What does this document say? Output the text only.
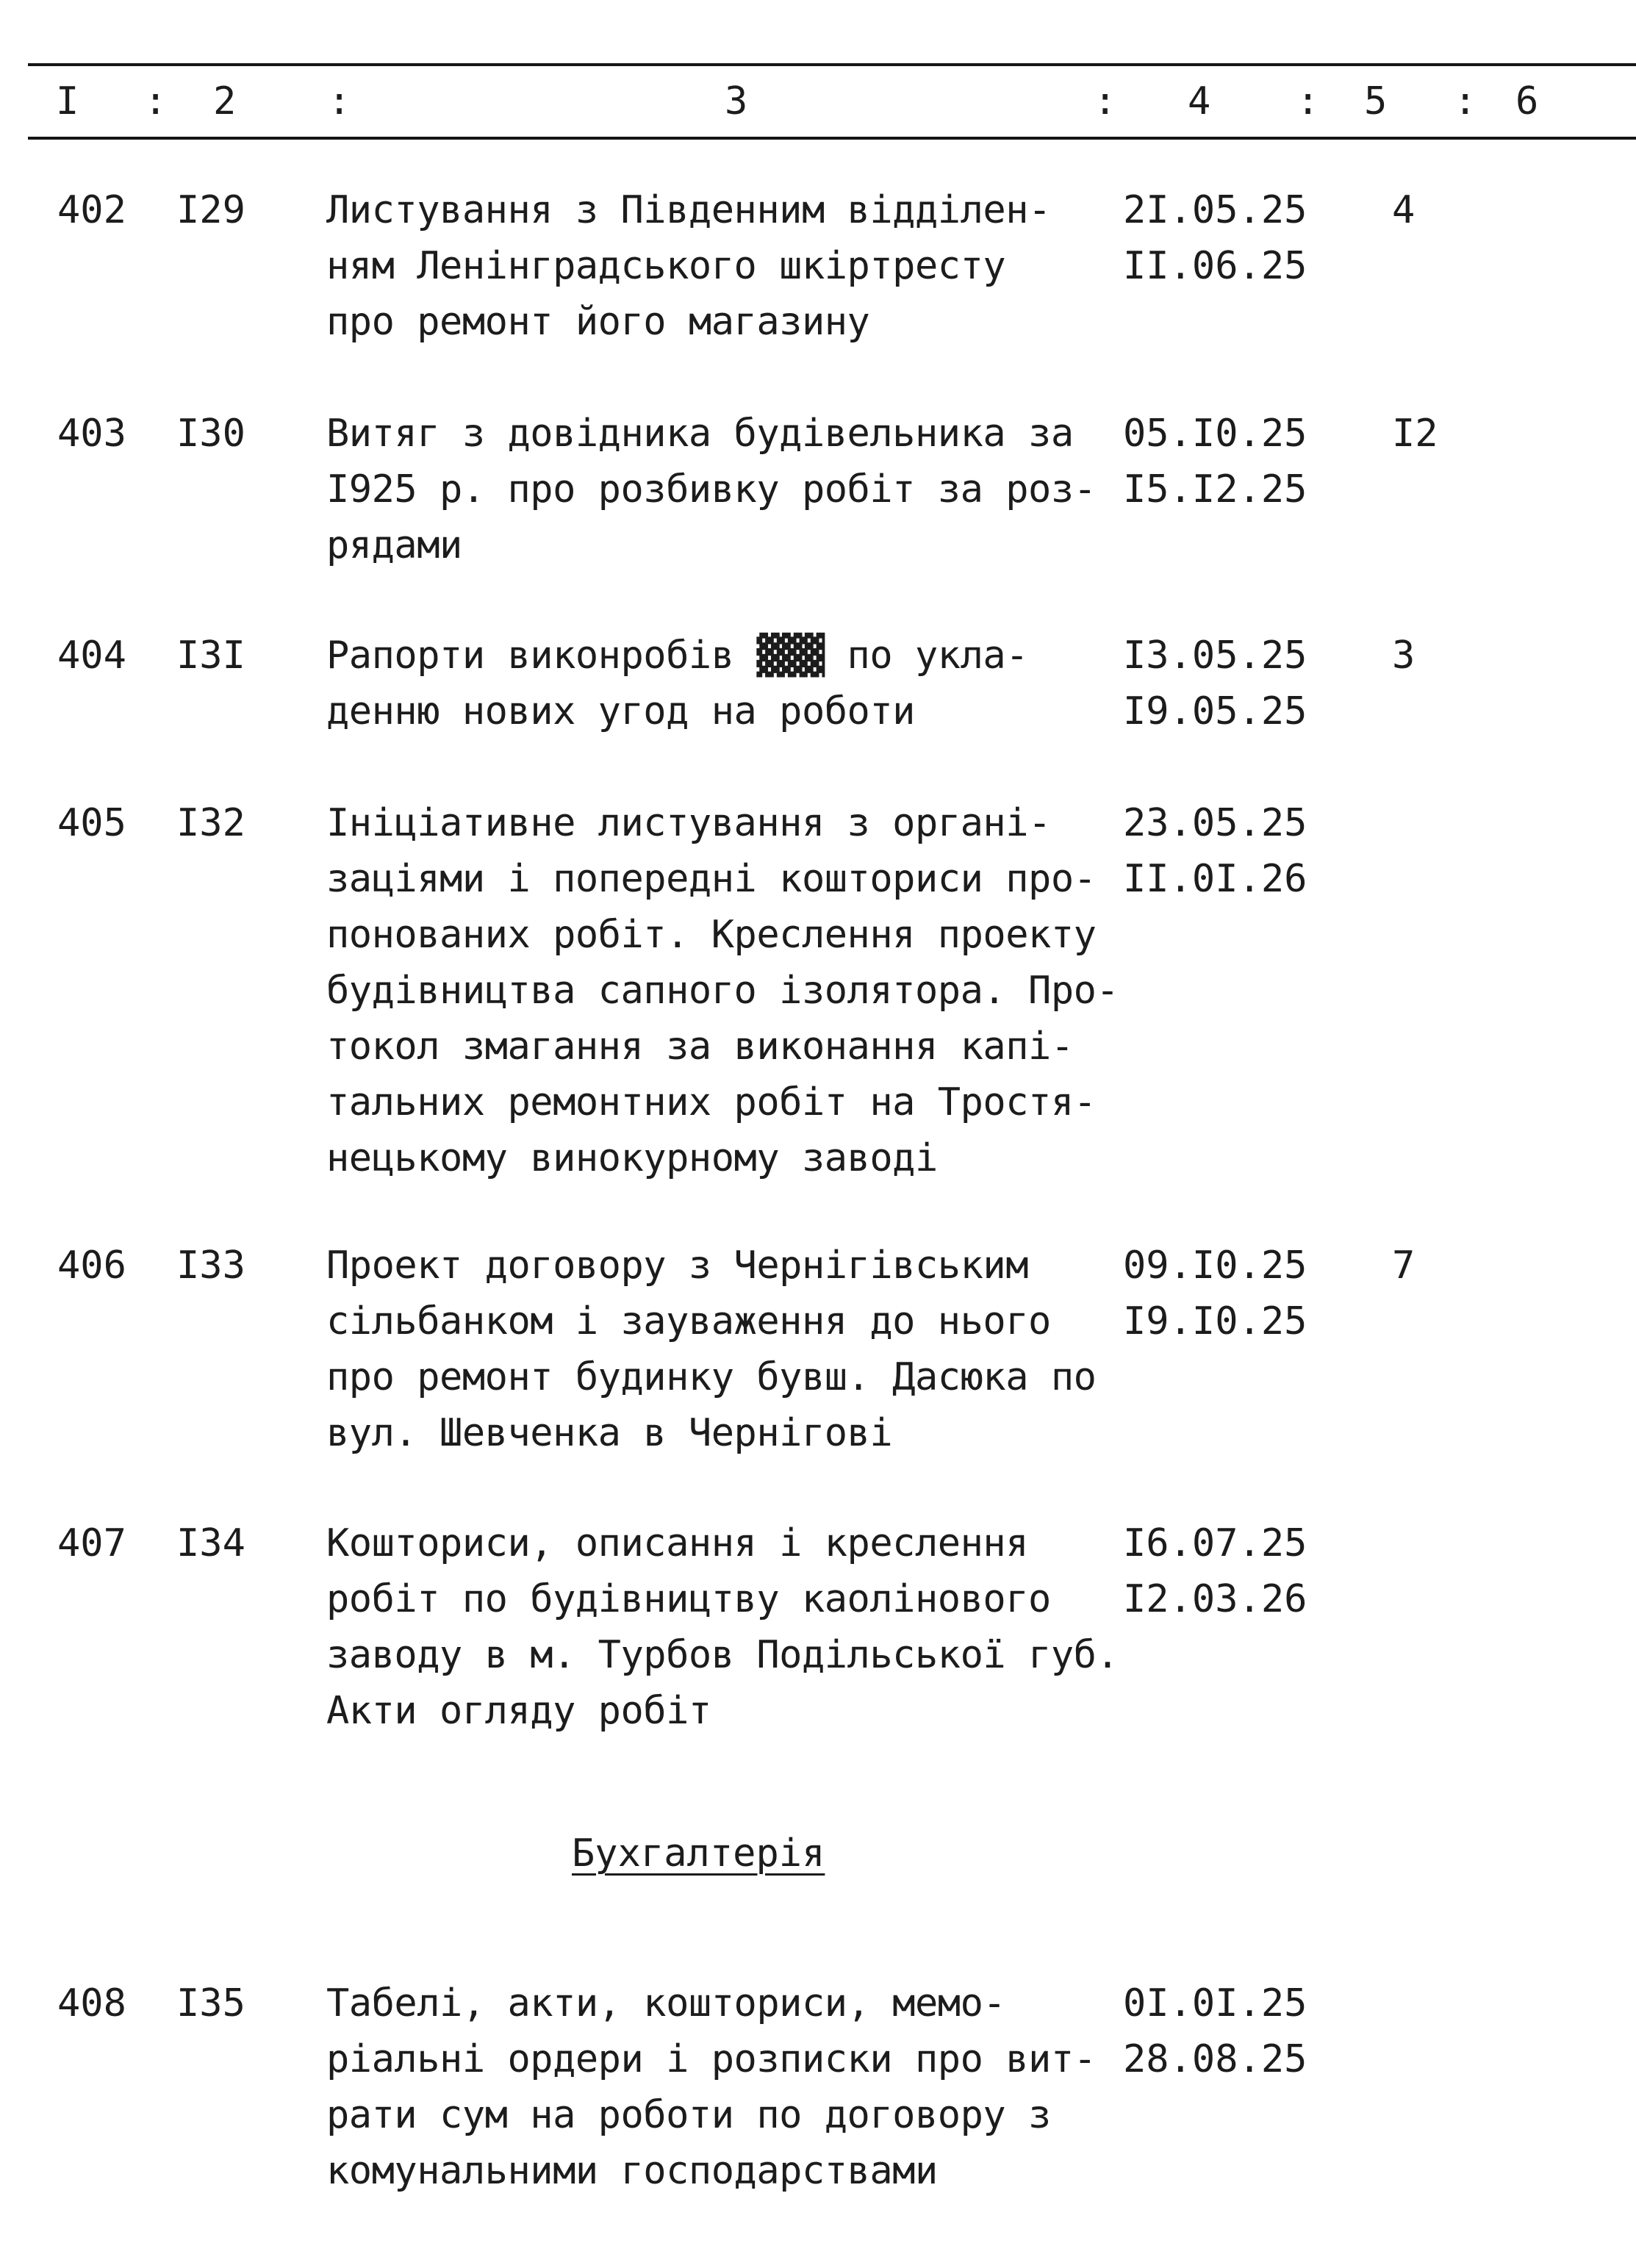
I : 2 :	3	: 4 : 5 : 6
402 I29 Листування з Південним відділен-
ням Ленінградського шкіртресту
про ремонт його магазину
2I.05.25
II.06.25
4
403 I30 Витяг з довідника будівельника за
I925 р. про розбивку робіт за роз-
рядами
05.I0.25
I5.I2.25
I2
404 I3I Рапорти виконробів ▓▓▓ по укла-
денню нових угод на роботи
I3.05.25
I9.05.25
3
405 I32 Ініціативне листування з органі-
заціями і попередні кошториси про-
понованих робіт. Креслення проекту
будівництва сапного ізолятора. Про-
токол змагання за виконання капі-
тальних ремонтних робіт на Тростя-
нецькому винокурному заводі
23.05.25
II.0I.26
406 I33 Проект договору з Чернігівським
сільбанком і зауваження до нього
про ремонт будинку бувш. Дасюка по
вул. Шевченка в Чернігові
09.I0.25
I9.I0.25
7
407 I34 Кошториси, описання і креслення
робіт по будівництву каолінового
заводу в м. Турбов Подільської губ.
Акти огляду робіт
I6.07.25
I2.03.26
Бухгалтерія
408 I35 Табелі, акти, кошториси, мемо-
ріальні ордери і розписки про вит-
рати сум на роботи по договору з
комунальними господарствами
0I.0I.25
28.08.25
